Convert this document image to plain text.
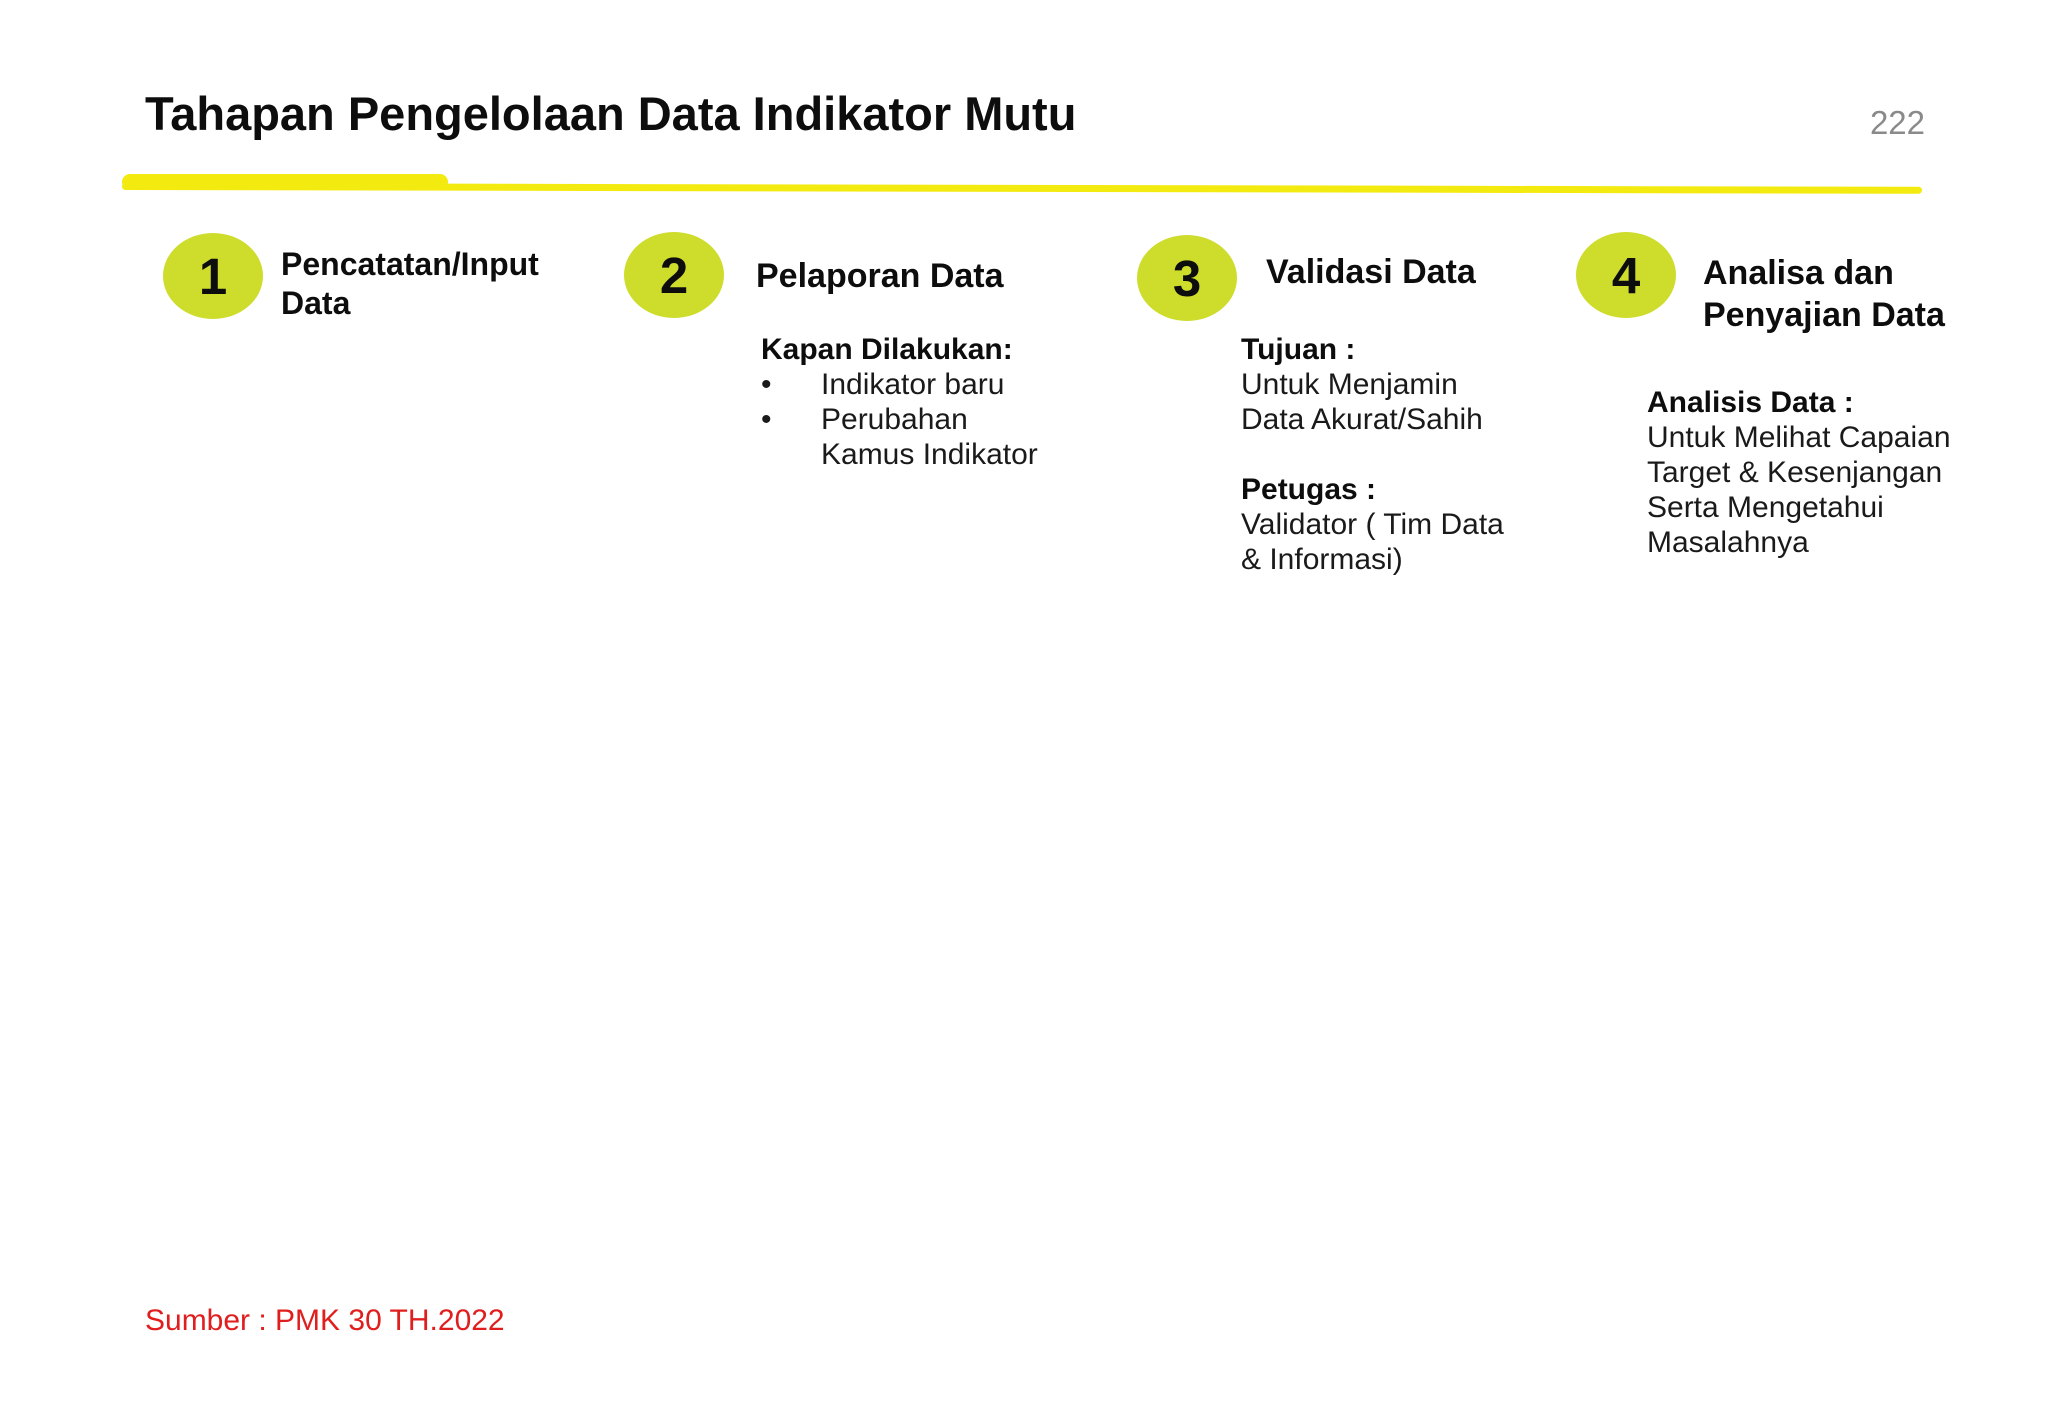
Tahapan Pengelolaan Data Indikator Mutu	222
1 Pencatatan/Input
Data	2 Pelaporan Data
Kapan Dilakukan:
•	Indikator baru
•	Perubahan
Kamus Indikator
3 Validasi Data
Tujuan :
Untuk Menjamin
Data Akurat/Sahih
Petugas :
Validator ( Tim Data
& Informasi)
4 Analisa dan
Penyajian Data
Analisis Data :
Untuk Melihat Capaian
Target & Kesenjangan
Serta Mengetahui
Masalahnya
Sumber : PMK 30 TH.2022
